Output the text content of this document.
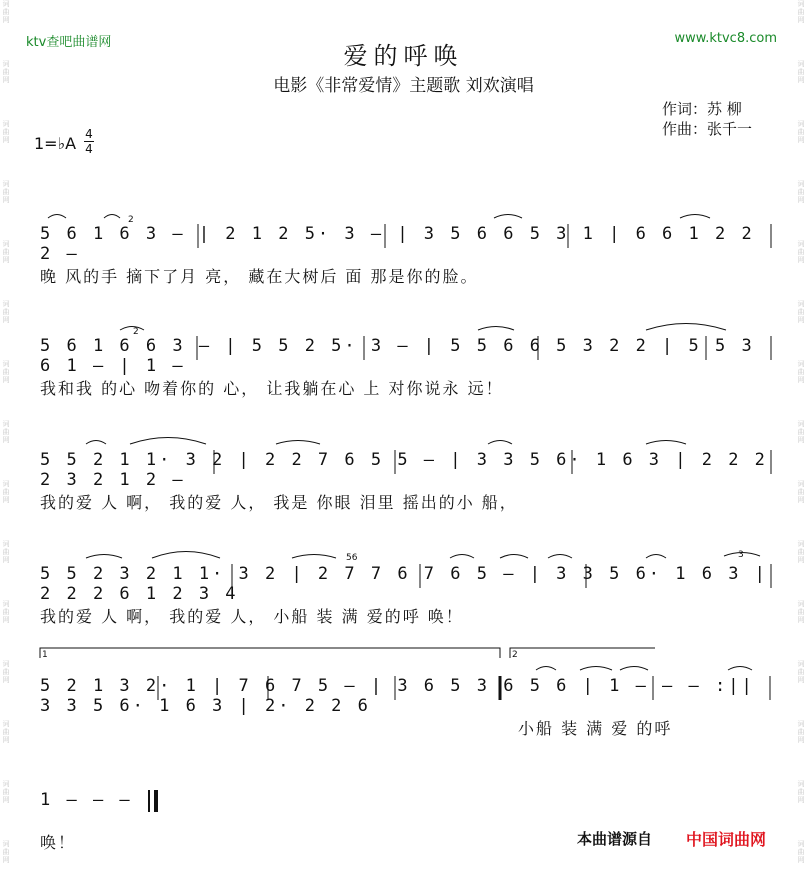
词曲网
词曲网
词曲网
词曲网
词曲网
词曲网
词曲网
词曲网
词曲网
词曲网
词曲网
词曲网
词曲网
词曲网
词曲网
词曲网
词曲网
词曲网
词曲网
词曲网
词曲网
词曲网
词曲网
词曲网
词曲网
词曲网
词曲网
词曲网
词曲网
词曲网
ktv查吧曲谱网	www.ktvc8.com
爱的呼唤
电影《非常爱情》主题歌 刘欢演唱
作词：苏 柳
作曲：张千一
1=♭A 4
4
5 6 1 6 3 – | 2 1 2 5· 3 – | 3 5 6 6 5 3 1 | 6 6 1 2 2 2 –
晚 风的手 摘下了月 亮， 藏在大树后 面 那是你的脸。
5 6 1 6 6 3 – | 5 5 2 5· 3 – | 5 5 6 6 5 3 2 2 | 5 5 3 6 1 – | 1 –
我和我 的心 吻着你的 心， 让我躺在心 上 对你说永 远！
5 5 2 1 1· 3 2 | 2 2 7 6 5 5 – | 3 3 5 6· 1 6 3 | 2 2 2 2 3 2 1 2 –
我的爱 人 啊， 我的爱 人， 我是 你眼 泪里 摇出的小 船，
5 5 2 3 2 1 1· 3 2 | 2 7 7 6 7 6 5 – | 3 3 5 6· 1 6 3 | 2 2 2 6 1 2 3 4
我的爱 人 啊， 我的爱 人， 小船 装 满 爱的呼 唤！
5 2 1 3 2· 1 | 7 6 7 5 – | 3 6 5 3 6 5 6 | 1 – – – :|| 3 3 5 6· 1 6 3 | 2· 2 2 6
小船 装 满 爱 的呼
1 – – –
唤！
1	2
2
2
56	3
本曲谱源自 中国词曲网
